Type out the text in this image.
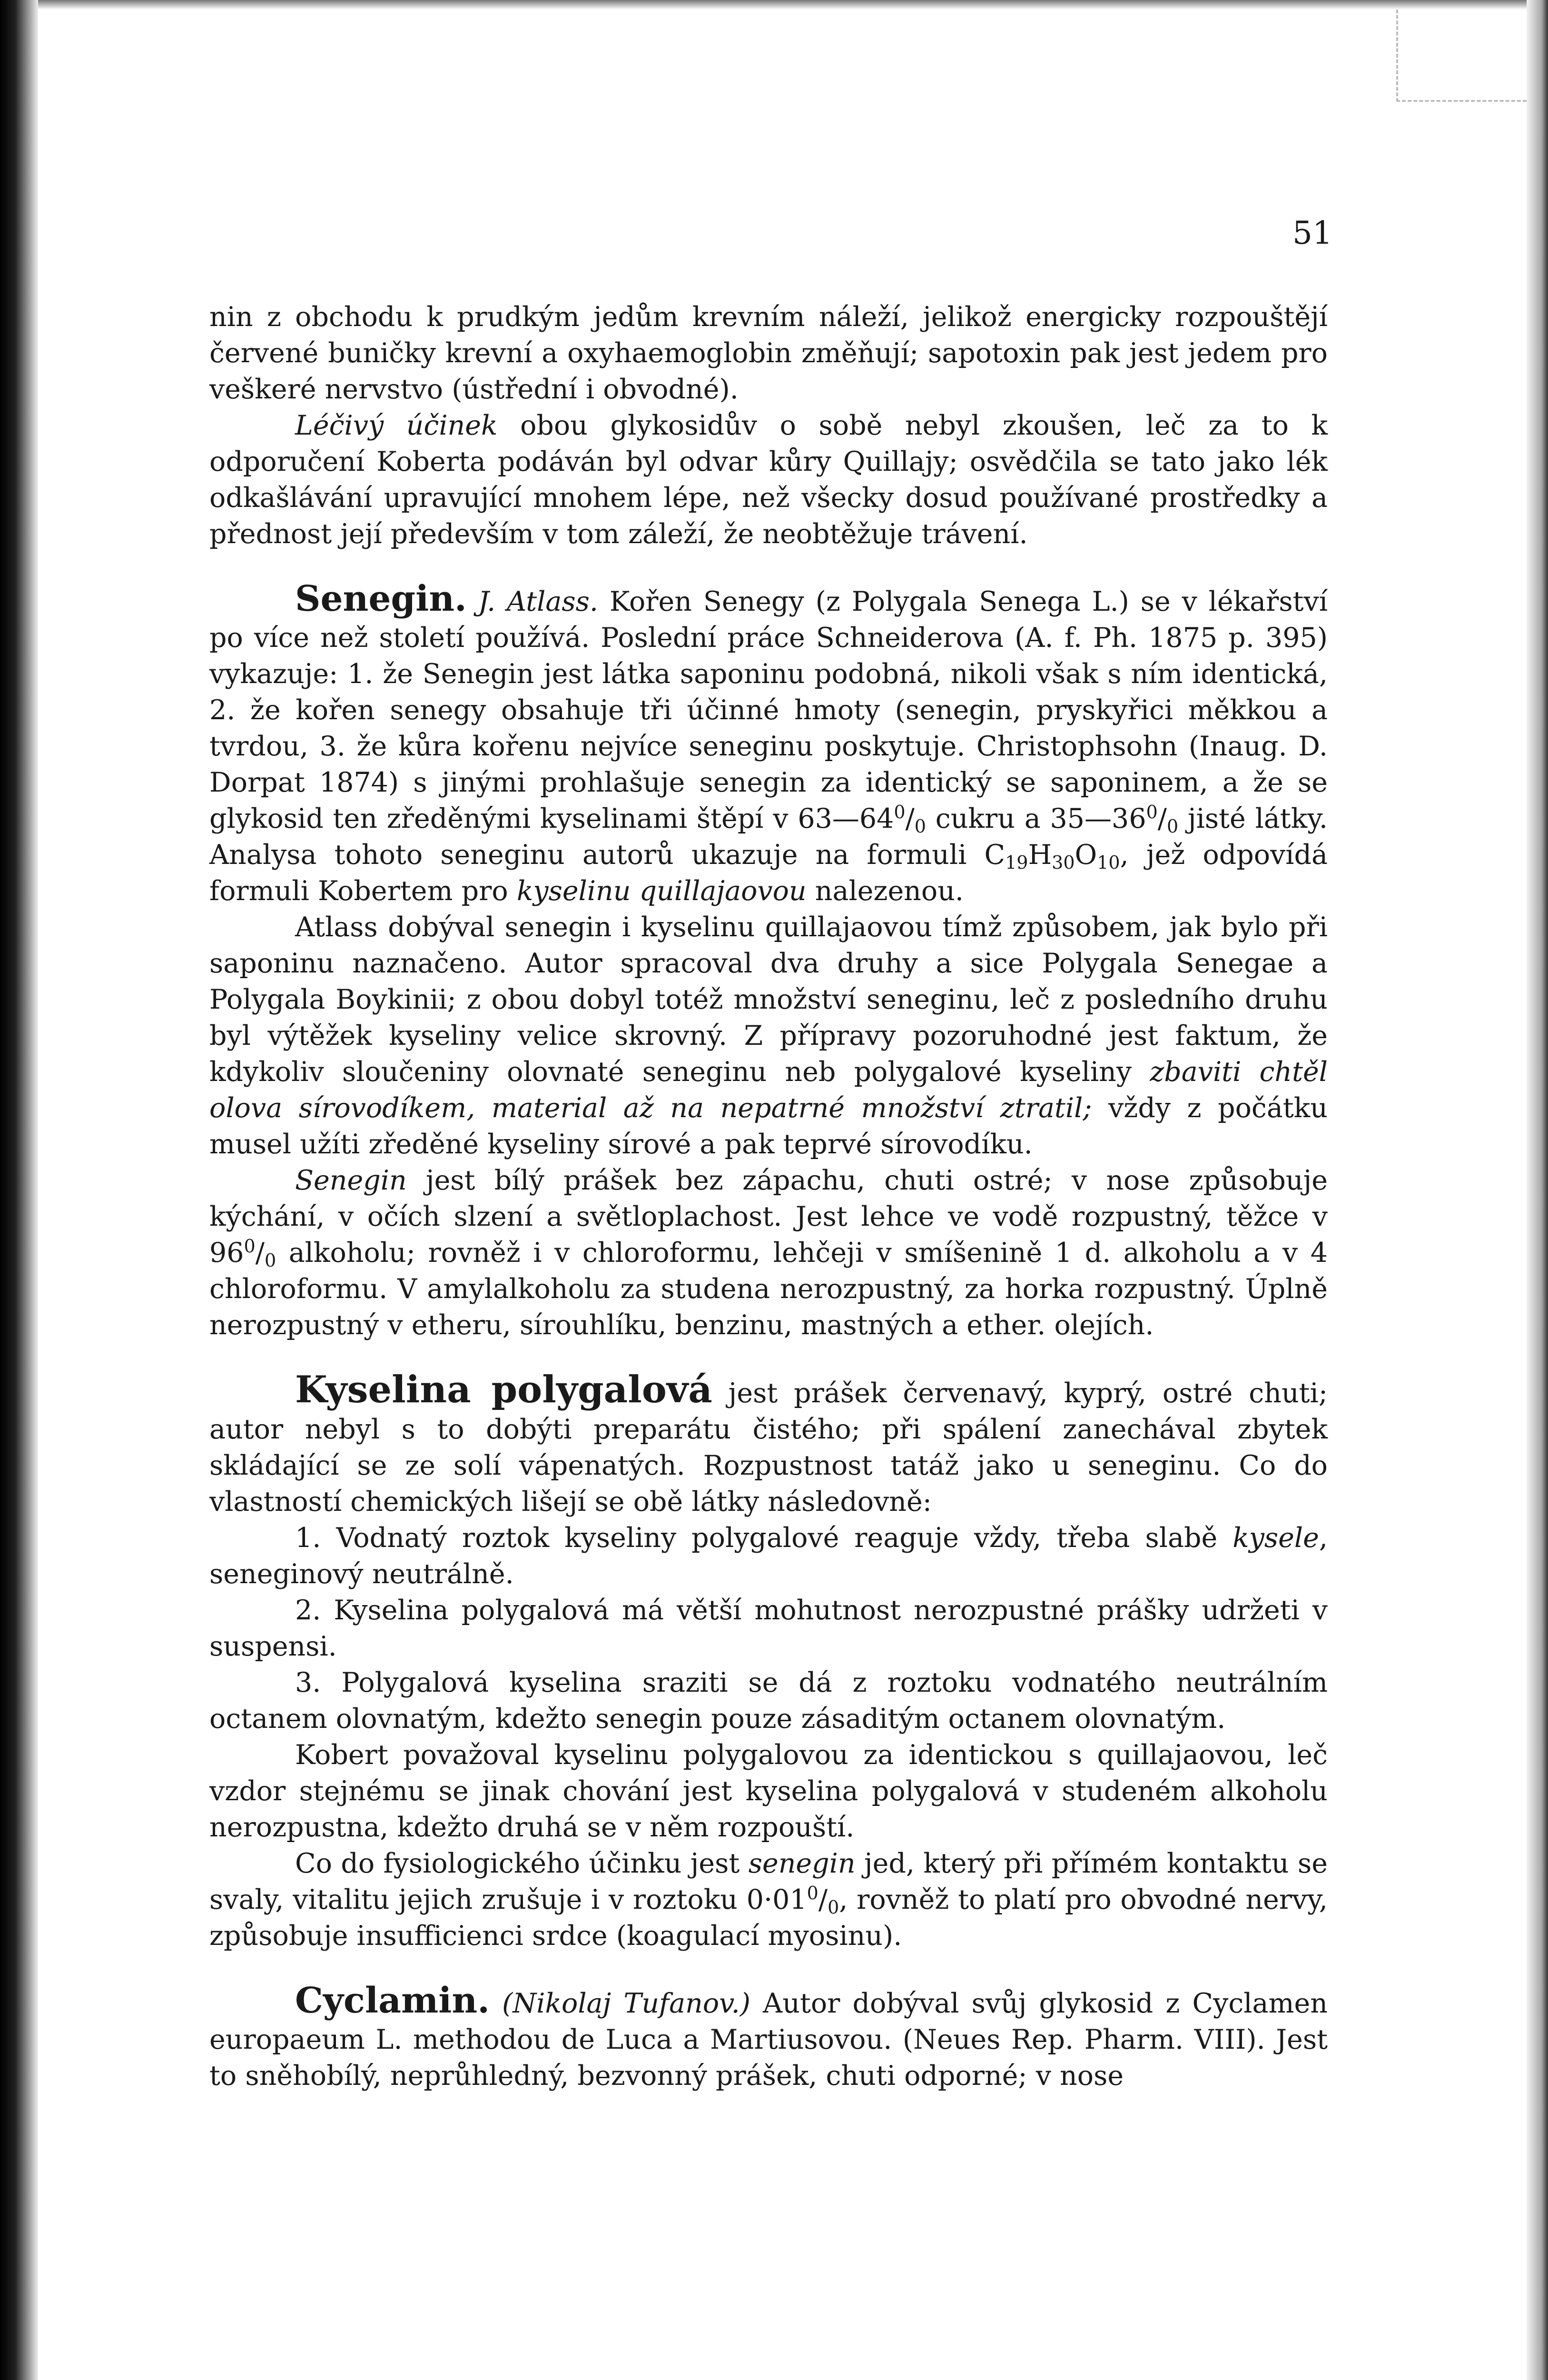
51

nin z obchodu k prudkým jedům krevním náleží, jelikož energicky rozpouštějí červené buničky krevní a oxyhaemoglobin změňují; sapotoxin pak jest jedem pro veškeré nervstvo (ústřední i obvodné).

Léčivý účinek obou glykosidův o sobě nebyl zkoušen, leč za to k odporučení Koberta podáván byl odvar kůry Quillajy; osvědčila se tato jako lék odkašlávání upravující mnohem lépe, než všecky dosud používané prostředky a přednost její především v tom záleží, že neobtěžuje trávení.

Senegin. J. Atlass. Kořen Senegy (z Polygala Senega L.) se v lékařství po více než století používá. Poslední práce Schneiderova (A. f. Ph. 1875 p. 395) vykazuje: 1. že Senegin jest látka saponinu podobná, nikoli však s ním identická, 2. že kořen senegy obsahuje tři účinné hmoty (senegin, pryskyřici měkkou a tvrdou, 3. že kůra kořenu nejvíce seneginu poskytuje. Christophsohn (Inaug. D. Dorpat 1874) s jinými prohlašuje senegin za identický se saponinem, a že se glykosid ten zředěnými kyselinami štěpí v $63—64^0/_0$ cukru a $35—36^0/_0$ jisté látky. Analysa tohoto seneginu autorů ukazuje na formuli $C_{19}H_{30}O_{10}$, jež odpovídá formuli Kobertem pro kyselinu quillajaovou nalezenou.

Atlass dobýval senegin i kyselinu quillajaovou tímž způsobem, jak bylo při saponinu naznačeno. Autor spracoval dva druhy a sice Polygala Senegae a Polygala Boykinii; z obou dobyl totéž množství seneginu, leč z posledního druhu byl výtěžek kyseliny velice skrovný. Z přípravy pozoruhodné jest faktum, že kdykoliv sloučeniny olovnaté seneginu neb polygalové kyseliny zbaviti chtěl olova sírovodíkem, material až na nepatrné množství ztratil; vždy z počátku musel užíti zředěné kyseliny sírové a pak teprvé sírovodíku.

Senegin jest bílý prášek bez zápachu, chuti ostré; v nose způsobuje kýchání, v očích slzení a světloplachost. Jest lehce ve vodě rozpustný, těžce v $96^0/_0$ alkoholu; rovněž i v chloroformu, lehčeji v smíšenině 1 d. alkoholu a v 4 chloroformu. V amylalkoholu za studena nerozpustný, za horka rozpustný. Úplně nerozpustný v etheru, sírouhlíku, benzinu, mastných a ether. olejích.

Kyselina polygalová jest prášek červenavý, kyprý, ostré chuti; autor nebyl s to dobýti preparátu čistého; při spálení zanechával zbytek skládající se ze solí vápenatých. Rozpustnost tatáž jako u seneginu. Co do vlastností chemických lišejí se obě látky následovně:

1. Vodnatý roztok kyseliny polygalové reaguje vždy, třeba slabě kysele, seneginový neutrálně.

2. Kyselina polygalová má větší mohutnost nerozpustné prášky udržeti v suspensi.

3. Polygalová kyselina sraziti se dá z roztoku vodnatého neutrálním octanem olovnatým, kdežto senegin pouze zásaditým octanem olovnatým.

Kobert považoval kyselinu polygalovou za identickou s quillajaovou, leč vzdor stejnému se jinak chování jest kyselina polygalová v studeném alkoholu nerozpustna, kdežto druhá se v něm rozpouští.

Co do fysiologického účinku jest senegin jed, který při přímém kontaktu se svaly, vitalitu jejich zrušuje i v roztoku $0\cdot 01^0/_0$, rovněž to platí pro obvodné nervy, způsobuje insufficienci srdce (koagulací myosinu).

Cyclamin. (Nikolaj Tufanov.) Autor dobýval svůj glykosid z Cyclamen europaeum L. methodou de Luca a Martiusovou. (Neues Rep. Pharm. VIII). Jest to sněhobílý, neprůhledný, bezvonný prášek, chuti odporné; v nose
